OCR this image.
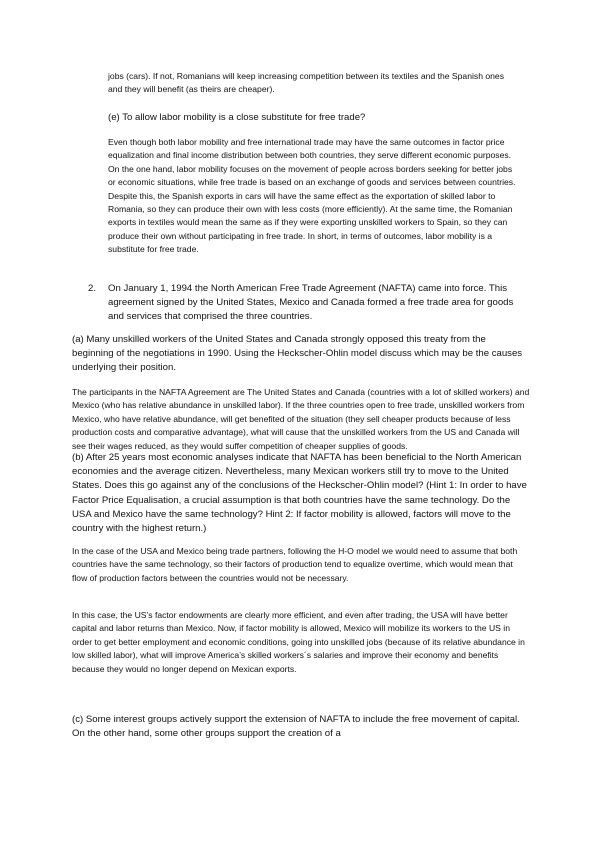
jobs (cars). If not, Romanians will keep increasing competition between its textiles and the Spanish ones and they will benefit (as theirs are cheaper).

(e) To allow labor mobility is a close substitute for free trade?

Even though both labor mobility and free international trade may have the same outcomes in factor price equalization and final income distribution between both countries, they serve different economic purposes. On the one hand, labor mobility focuses on the movement of people across borders seeking for better jobs or economic situations, while free trade is based on an exchange of goods and services between countries. Despite this, the Spanish exports in cars will have the same effect as the exportation of skilled labor to Romania, so they can produce their own with less costs (more efficiently). At the same time, the Romanian exports in textiles would mean the same as if they were exporting unskilled workers to Spain, so they can produce their own without participating in free trade. In short, in terms of outcomes, labor mobility is a substitute for free trade.

2. On January 1, 1994 the North American Free Trade Agreement (NAFTA) came into force. This agreement signed by the United States, Mexico and Canada formed a free trade area for goods and services that comprised the three countries.

(a) Many unskilled workers of the United States and Canada strongly opposed this treaty from the beginning of the negotiations in 1990. Using the Heckscher-Ohlin model discuss which may be the causes underlying their position.

The participants in the NAFTA Agreement are The United States and Canada (countries with a lot of skilled workers) and Mexico (who has relative abundance in unskilled labor). If the three countries open to free trade, unskilled workers from Mexico, who have relative abundance, will get benefited of the situation (they sell cheaper products because of less production costs and comparative advantage), what will cause that the unskilled workers from the US and Canada will see their wages reduced, as they would suffer competition of cheaper supplies of goods.

(b) After 25 years most economic analyses indicate that NAFTA has been beneficial to the North American economies and the average citizen. Nevertheless, many Mexican workers still try to move to the United States. Does this go against any of the conclusions of the Heckscher-Ohlin model? (Hint 1: In order to have Factor Price Equalisation, a crucial assumption is that both countries have the same technology. Do the USA and Mexico have the same technology? Hint 2: If factor mobility is allowed, factors will move to the country with the highest return.)

In the case of the USA and Mexico being trade partners, following the H-O model we would need to assume that both countries have the same technology, so their factors of production tend to equalize overtime, which would mean that flow of production factors between the countries would not be necessary.

In this case, the US’s factor endowments are clearly more efficient, and even after trading, the USA will have better capital and labor returns than Mexico. Now, if factor mobility is allowed, Mexico will mobilize its workers to the US in order to get better employment and economic conditions, going into unskilled jobs (because of its relative abundance in low skilled labor), what will improve America’s skilled workers´s salaries and improve their economy and benefits because they would no longer depend on Mexican exports.

(c) Some interest groups actively support the extension of NAFTA to include the free movement of capital. On the other hand, some other groups support the creation of a
